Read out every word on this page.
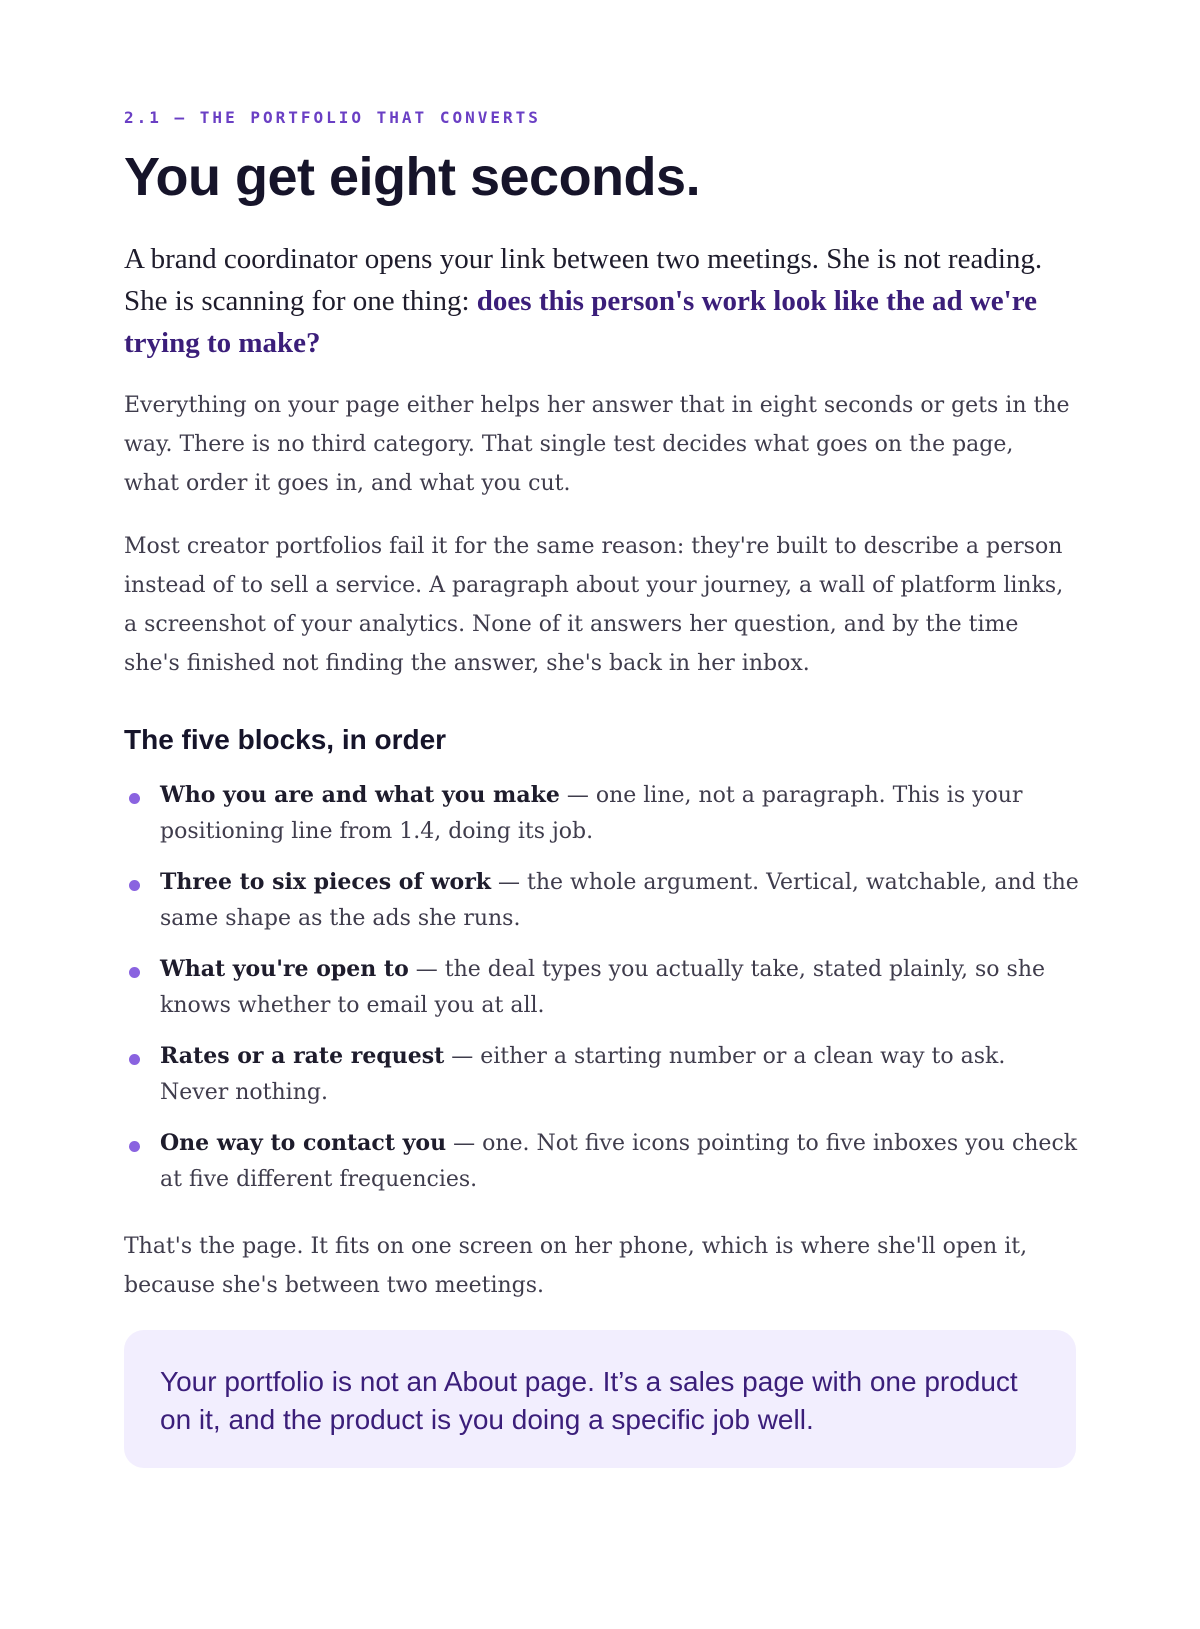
2.1 — THE PORTFOLIO THAT CONVERTS
You get eight seconds.

A brand coordinator opens your link between two meetings. She is not reading. She is scanning for one thing: does this person's work look like the ad we're trying to make?

Everything on your page either helps her answer that in eight seconds or gets in the way. There is no third category. That single test decides what goes on the page, what order it goes in, and what you cut.

Most creator portfolios fail it for the same reason: they're built to describe a person instead of to sell a service. A paragraph about your journey, a wall of platform links, a screenshot of your analytics. None of it answers her question, and by the time she's finished not finding the answer, she's back in her inbox.

The five blocks, in order
Who you are and what you make — one line, not a paragraph. This is your positioning line from 1.4, doing its job.
Three to six pieces of work — the whole argument. Vertical, watchable, and the same shape as the ads she runs.
What you're open to — the deal types you actually take, stated plainly, so she knows whether to email you at all.
Rates or a rate request — either a starting number or a clean way to ask. Never nothing.
One way to contact you — one. Not five icons pointing to five inboxes you check at five different frequencies.

That's the page. It fits on one screen on her phone, which is where she'll open it, because she's between two meetings.

Your portfolio is not an About page. It’s a sales page with one product on it, and the product is you doing a specific job well.
